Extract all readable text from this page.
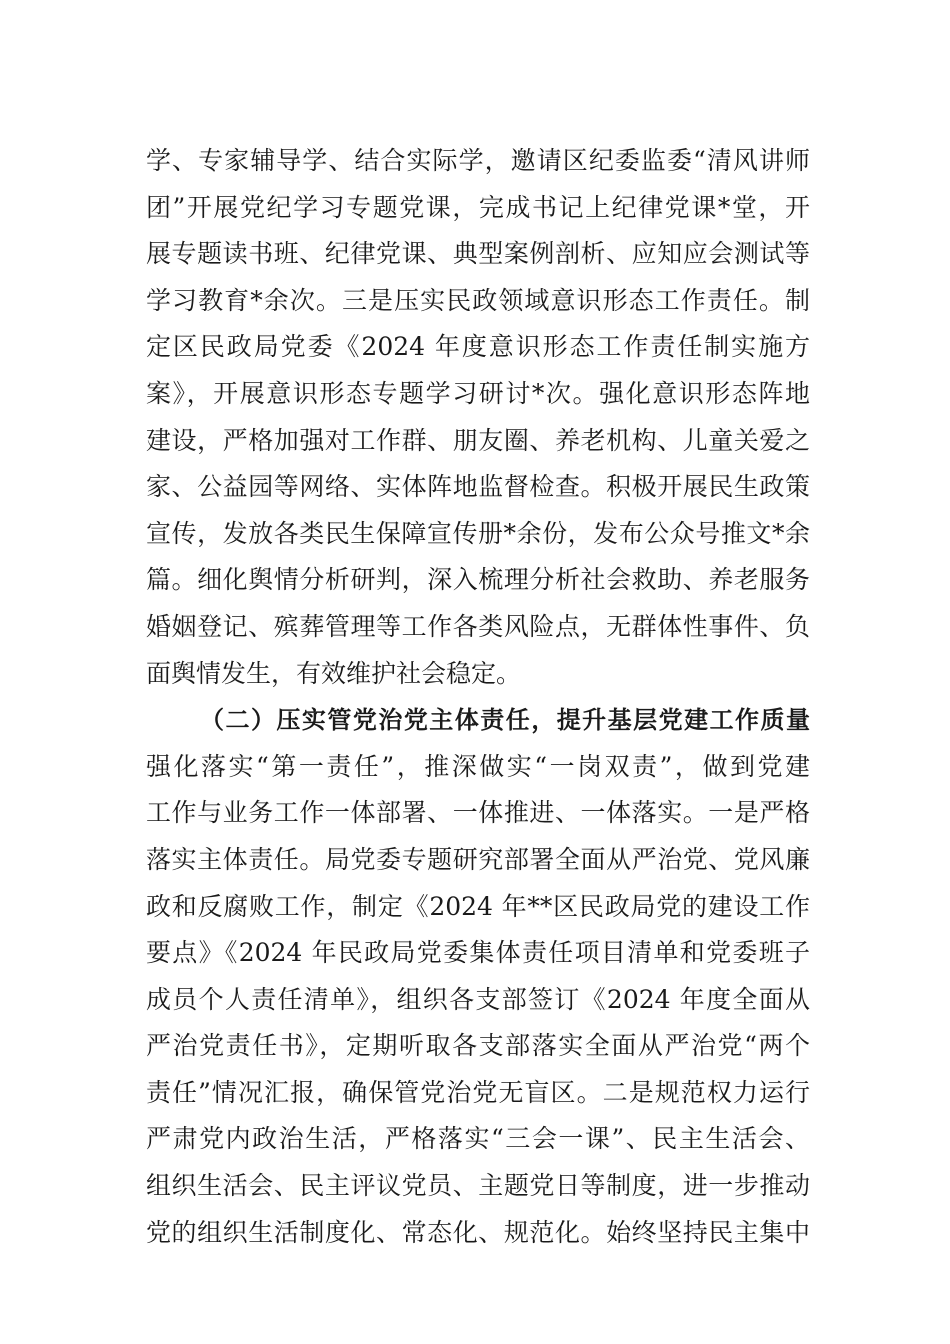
学、专家辅导学、结合实际学，邀请区纪委监委“清风讲师
团”开展党纪学习专题党课，完成书记上纪律党课*堂，开
展专题读书班、纪律党课、典型案例剖析、应知应会测试等
学习教育*余次。三是压实民政领域意识形态工作责任。制
定区民政局党委《2024 年度意识形态工作责任制实施方
案》，开展意识形态专题学习研讨*次。强化意识形态阵地
建设，严格加强对工作群、朋友圈、养老机构、儿童关爱之
家、公益园等网络、实体阵地监督检查。积极开展民生政策
宣传，发放各类民生保障宣传册*余份，发布公众号推文*余
篇。细化舆情分析研判，深入梳理分析社会救助、养老服务
婚姻登记、殡葬管理等工作各类风险点，无群体性事件、负
面舆情发生，有效维护社会稳定。
（二）压实管党治党主体责任，提升基层党建工作质量
强化落实“第一责任”，推深做实“一岗双责”，做到党建
工作与业务工作一体部署、一体推进、一体落实。一是严格
落实主体责任。局党委专题研究部署全面从严治党、党风廉
政和反腐败工作，制定《2024 年**区民政局党的建设工作
要点》《2024 年民政局党委集体责任项目清单和党委班子
成员个人责任清单》，组织各支部签订《2024 年度全面从
严治党责任书》，定期听取各支部落实全面从严治党“两个
责任”情况汇报，确保管党治党无盲区。二是规范权力运行
严肃党内政治生活，严格落实“三会一课”、民主生活会、
组织生活会、民主评议党员、主题党日等制度，进一步推动
党的组织生活制度化、常态化、规范化。始终坚持民主集中
